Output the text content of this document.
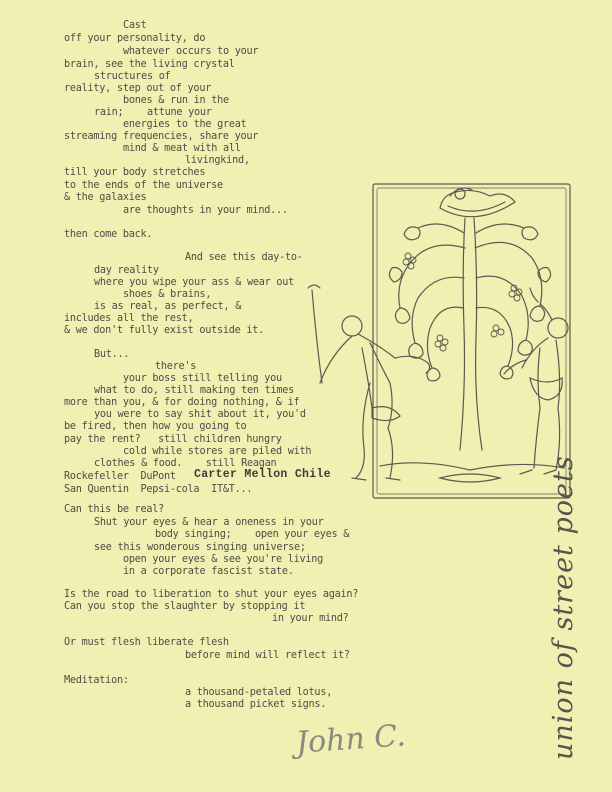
Cast
off your personality, do
whatever occurs to your
brain, see the living crystal
structures of
reality, step out of your
bones & run in the
rain;    attune your
energies to the great
streaming frequencies, share your
mind & meat with all
livingkind,
till your body stretches
to the ends of the universe
& the galaxies
are thoughts in your mind...
then come back.
And see this day-to-
day reality
where you wipe your ass & wear out
shoes & brains,
is as real, as perfect, &
includes all the rest,
& we don't fully exist outside it.
But...
there's
your boss still telling you
what to do, still making ten times
more than you, & for doing nothing, & if
you were to say shit about it, you'd
be fired, then how you going to
pay the rent?   still children hungry
cold while stores are piled with
clothes & food.    still Reagan
Rockefeller  DuPont Carter Mellon Chile
San Quentin  Pepsi-cola  IT&T...
Can this be real?
Shut your eyes & hear a oneness in your
body singing;    open your eyes &
see this wonderous singing universe;
open your eyes & see you're living
in a corporate fascist state.
Is the road to liberation to shut your eyes again?
Can you stop the slaughter by stopping it
in your mind?
Or must flesh liberate flesh
before mind will reflect it?
Meditation:
a thousand-petaled lotus,
a thousand picket signs.	union of street poets
John C.
